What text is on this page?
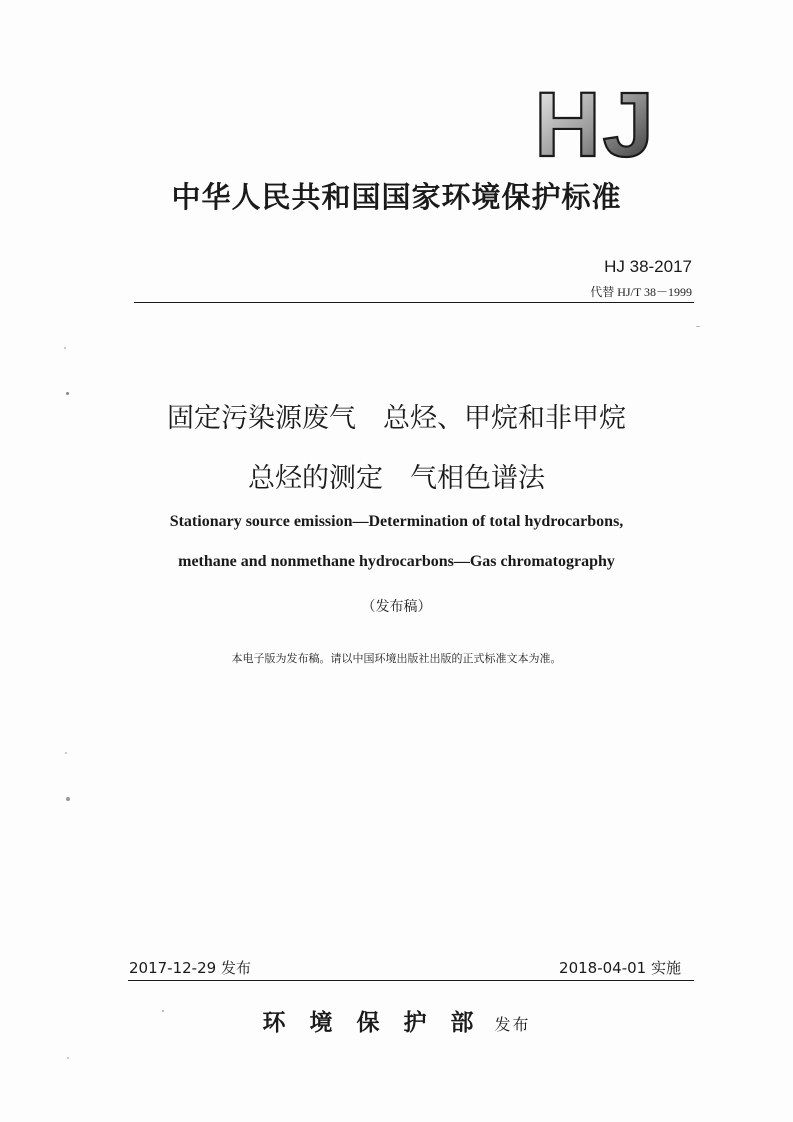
HJ
中华人民共和国国家环境保护标准
HJ 38-2017
代替 HJ/T 38－1999
固定污染源废气　总烃、甲烷和非甲烷
总烃的测定　气相色谱法
Stationary source emission—Determination of total hydrocarbons,
methane and nonmethane hydrocarbons—Gas chromatography
（发布稿）
本电子版为发布稿。请以中国环境出版社出版的正式标准文本为准。
2017-12-29 发布	2018-04-01 实施
环境保护部 发布
